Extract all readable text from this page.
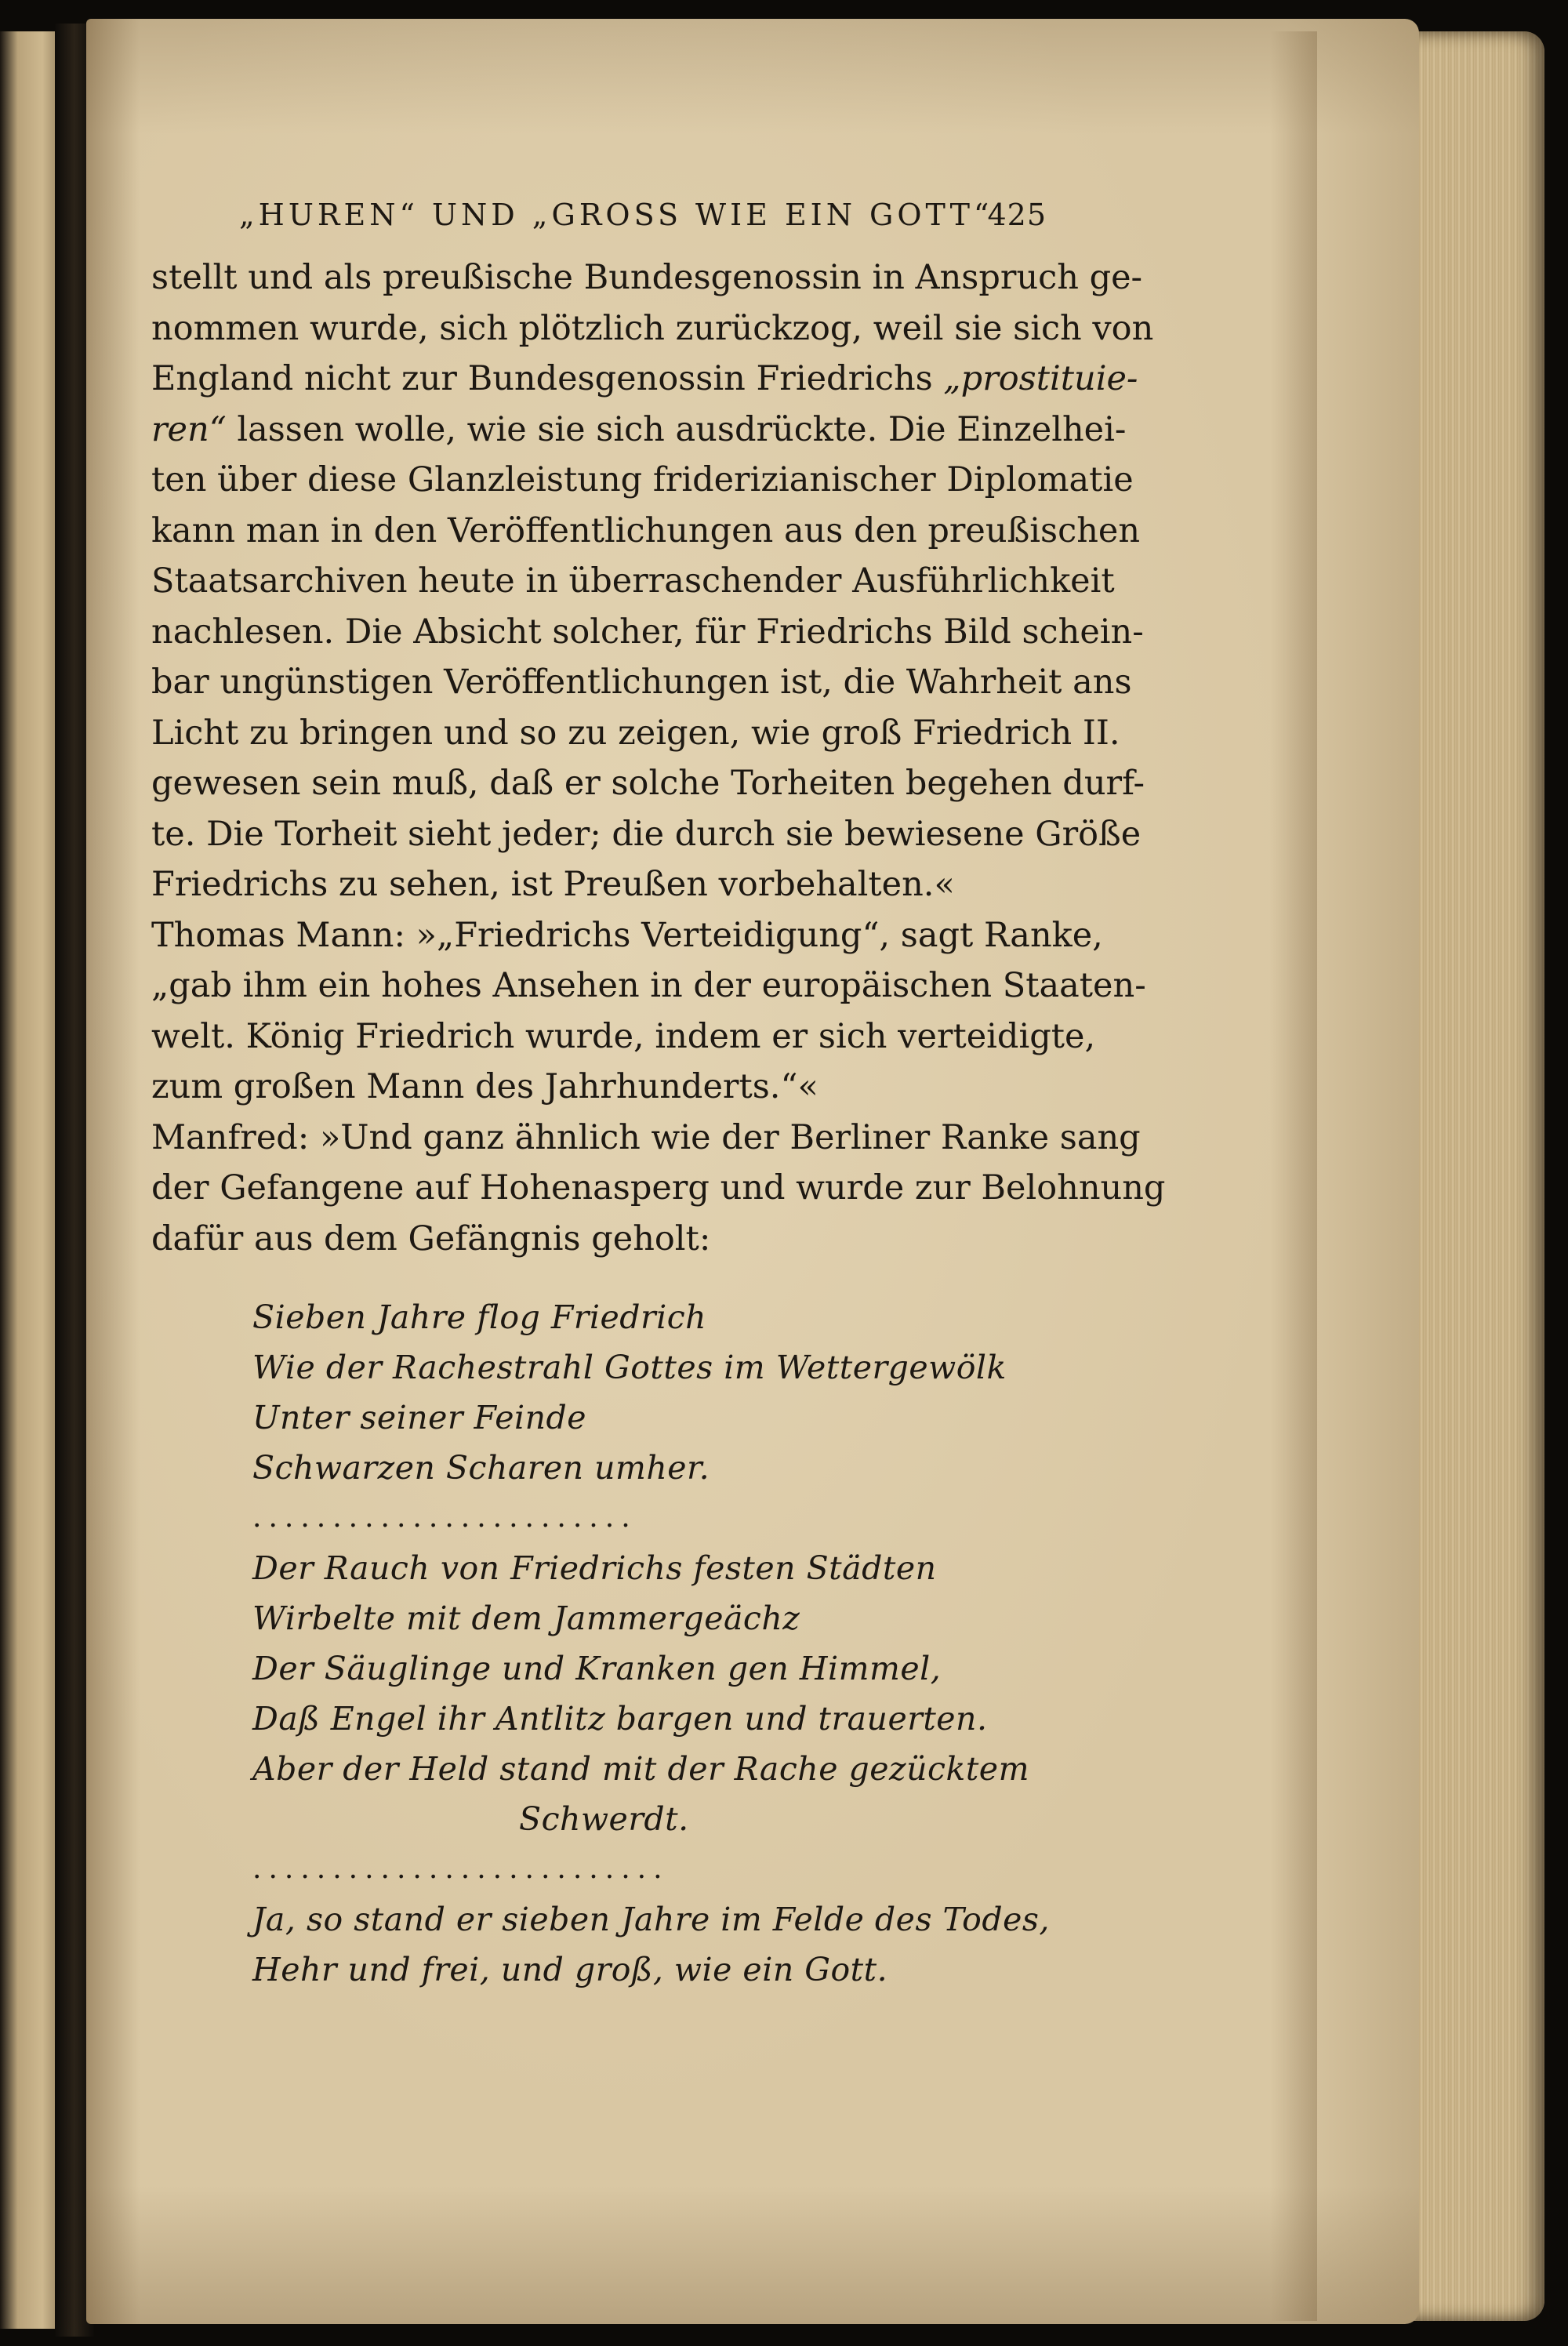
„HUREN“ UND „GROSS WIE EIN GOTT“
425
stellt und als preußische Bundesgenossin in Anspruch ge-
nommen wurde, sich plötzlich zurückzog, weil sie sich von
England nicht zur Bundesgenossin Friedrichs „prostituie-
ren“ lassen wolle, wie sie sich ausdrückte. Die Einzelhei-
ten über diese Glanzleistung friderizianischer Diplomatie
kann man in den Veröffentlichungen aus den preußischen
Staatsarchiven heute in überraschender Ausführlichkeit
nachlesen. Die Absicht solcher, für Friedrichs Bild schein-
bar ungünstigen Veröffentlichungen ist, die Wahrheit ans
Licht zu bringen und so zu zeigen, wie groß Friedrich II.
gewesen sein muß, daß er solche Torheiten begehen durf-
te. Die Torheit sieht jeder; die durch sie bewiesene Größe
Friedrichs zu sehen, ist Preußen vorbehalten.«
Thomas Mann: »„Friedrichs Verteidigung“, sagt Ranke,
„gab ihm ein hohes Ansehen in der europäischen Staaten-
welt. König Friedrich wurde, indem er sich verteidigte,
zum großen Mann des Jahrhunderts.“«
Manfred: »Und ganz ähnlich wie der Berliner Ranke sang
der Gefangene auf Hohenasperg und wurde zur Belohnung
dafür aus dem Gefängnis geholt:
Sieben Jahre flog Friedrich
Wie der Rachestrahl Gottes im Wettergewölk
Unter seiner Feinde
Schwarzen Scharen umher.
........................
Der Rauch von Friedrichs festen Städten
Wirbelte mit dem Jammergeächz
Der Säuglinge und Kranken gen Himmel,
Daß Engel ihr Antlitz bargen und trauerten.
Aber der Held stand mit der Rache gezücktem
Schwerdt.
..........................
Ja, so stand er sieben Jahre im Felde des Todes,
Hehr und frei, und groß, wie ein Gott.
